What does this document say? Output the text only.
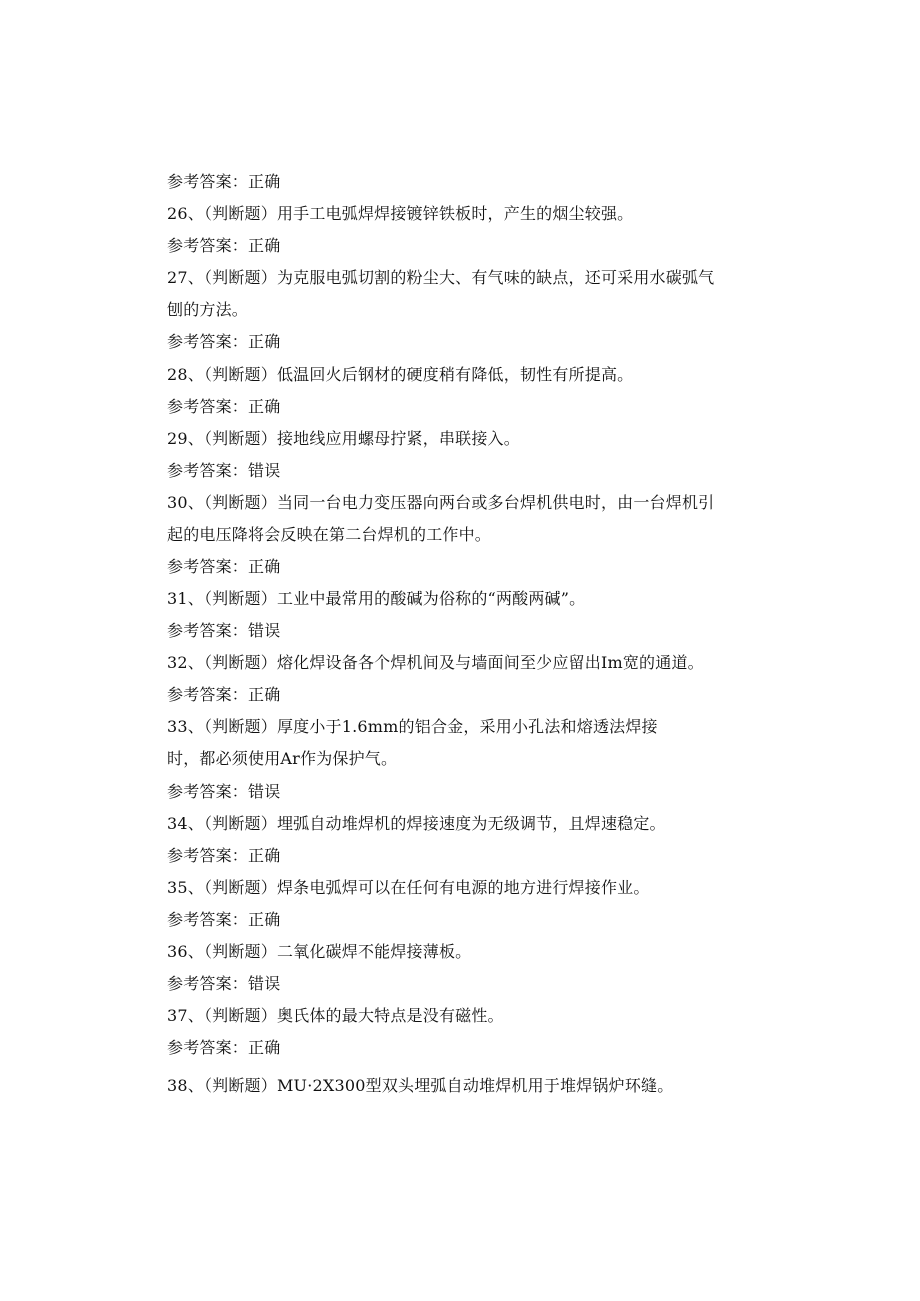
参考答案：正确

26、（判断题）用手工电弧焊焊接镀锌铁板时，产生的烟尘较强。

参考答案：正确

27、（判断题）为克服电弧切割的粉尘大、有气味的缺点，还可采用水碳弧气

刨的方法。

参考答案：正确

28、（判断题）低温回火后钢材的硬度稍有降低，韧性有所提高。

参考答案：正确

29、（判断题）接地线应用螺母拧紧，串联接入。

参考答案：错误

30、（判断题）当同一台电力变压器向两台或多台焊机供电时，由一台焊机引

起的电压降将会反映在第二台焊机的工作中。

参考答案：正确

31、（判断题）工业中最常用的酸碱为俗称的“两酸两碱”。

参考答案：错误

32、（判断题）熔化焊设备各个焊机间及与墙面间至少应留出Im宽的通道。

参考答案：正确

33、（判断题）厚度小于1.6mm的铝合金，采用小孔法和熔透法焊接

时，都必须使用Ar作为保护气。

参考答案：错误

34、（判断题）埋弧自动堆焊机的焊接速度为无级调节，且焊速稳定。

参考答案：正确

35、（判断题）焊条电弧焊可以在任何有电源的地方进行焊接作业。

参考答案：正确

36、（判断题）二氧化碳焊不能焊接薄板。

参考答案：错误

37、（判断题）奥氏体的最大特点是没有磁性。

参考答案：正确

38、（判断题）MU·2X300型双头埋弧自动堆焊机用于堆焊锅炉环缝。
